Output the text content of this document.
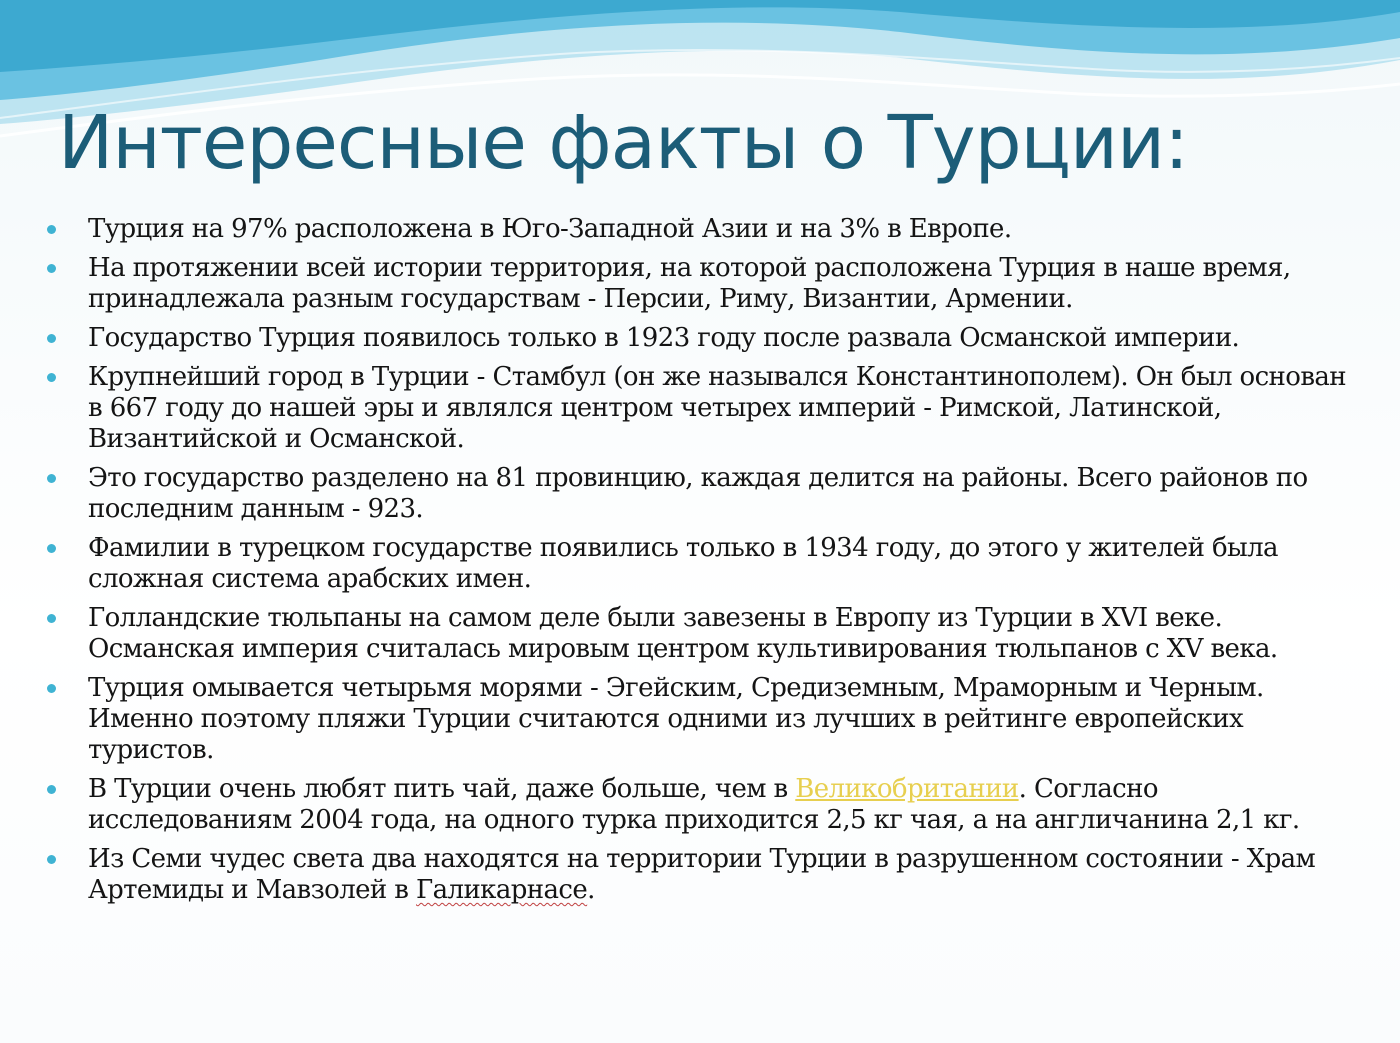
Интересные факты о Турции:
Турция на 97% расположена в Юго-Западной Азии и на 3% в Европе.
На протяжении всей истории территория, на которой расположена Турция в наше время, принадлежала разным государствам - Персии, Риму, Византии, Армении.
Государство Турция появилось только в 1923 году после развала Османской империи.
Крупнейший город в Турции - Стамбул (он же назывался Константинополем). Он был основан в 667 году до нашей эры и являлся центром четырех империй - Римской, Латинской, Византийской и Османской.
Это государство разделено на 81 провинцию, каждая делится на районы. Всего районов по последним данным - 923.
Фамилии в турецком государстве появились только в 1934 году, до этого у жителей была сложная система арабских имен.
Голландские тюльпаны на самом деле были завезены в Европу из Турции в XVI веке. Османская империя считалась мировым центром культивирования тюльпанов с XV века.
Турция омывается четырьмя морями - Эгейским, Средиземным, Мраморным и Черным. Именно поэтому пляжи Турции считаются одними из лучших в рейтинге европейских туристов.
В Турции очень любят пить чай, даже больше, чем в Великобритании. Согласно исследованиям 2004 года, на одного турка приходится 2,5 кг чая, а на англичанина 2,1 кг.
Из Семи чудес света два находятся на территории Турции в разрушенном состоянии - Храм Артемиды и Мавзолей в Галикарнасе.
